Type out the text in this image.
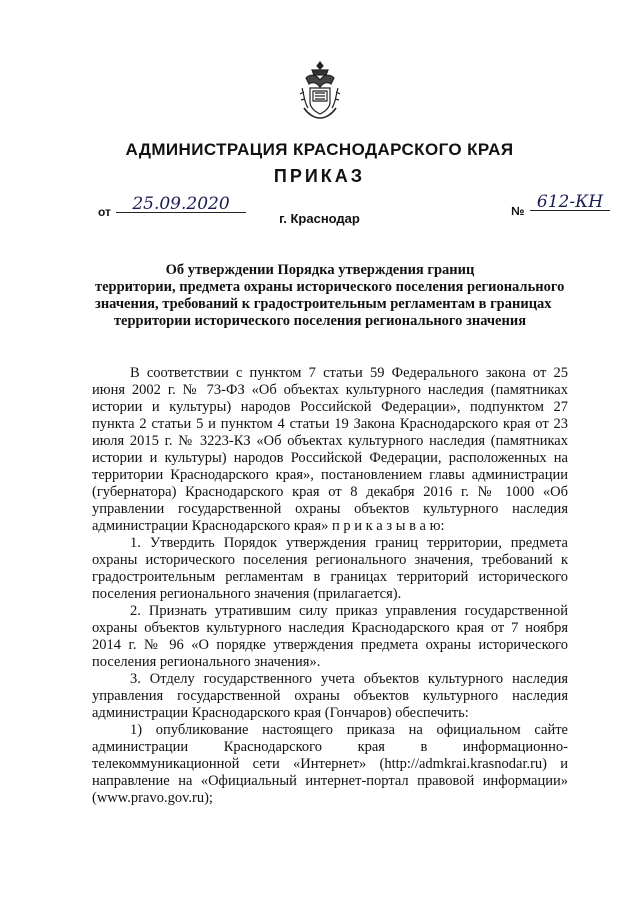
АДМИНИСТРАЦИЯ КРАСНОДАРСКОГО КРАЯ
ПРИКАЗ
от	25.09.2020
г. Краснодар	№ 612-КН
Об утверждении Порядка утверждения границ
территории, предмета охраны исторического поселения регионального
значения, требований к градостроительным регламентам в границах
территории исторического поселения регионального значения

В соответствии с пунктом 7 статьи 59 Федерального закона от 25 июня 2002 г. № 73-ФЗ «Об объектах культурного наследия (памятниках истории и культуры) народов Российской Федерации», подпунктом 27 пункта 2 статьи 5 и пунктом 4 статьи 19 Закона Краснодарского края от 23 июля 2015 г. № 3223-КЗ «Об объектах культурного наследия (памятниках истории и культуры) народов Российской Федерации, расположенных на территории Краснодарского края», постановлением главы администрации (губернатора) Краснодарского края от 8 декабря 2016 г. № 1000 «Об управлении государственной охраны объектов культурного наследия администрации Краснодарского края» п р и к а з ы в а ю:

1. Утвердить Порядок утверждения границ территории, предмета охраны исторического поселения регионального значения, требований к градостроительным регламентам в границах территорий исторического поселения регионального значения (прилагается).

2. Признать утратившим силу приказ управления государственной охраны объектов культурного наследия Краснодарского края от 7 ноября 2014 г. № 96 «О порядке утверждения предмета охраны исторического поселения регионального значения».

3. Отделу государственного учета объектов культурного наследия управления государственной охраны объектов культурного наследия администрации Краснодарского края (Гончаров) обеспечить:

1) опубликование настоящего приказа на официальном сайте администрации Краснодарского края в информационно-телекоммуникационной сети «Интернет» (http://admkrai.krasnodar.ru) и направление на «Официальный интернет-портал правовой информации» (www.pravo.gov.ru);
